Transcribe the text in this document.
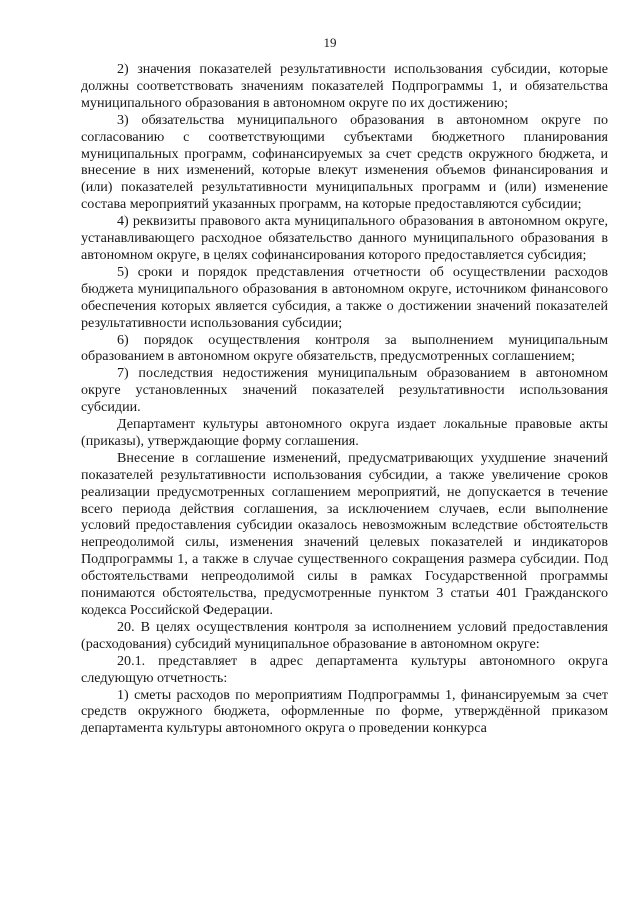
19

2) значения показателей результативности использования субсидии, которые должны соответствовать значениям показателей Подпрограммы 1, и обязательства муниципального образования в автономном округе по их достижению;

3) обязательства муниципального образования в автономном округе по согласованию с соответствующими субъектами бюджетного планирования муниципальных программ, софинансируемых за счет средств окружного бюджета, и внесение в них изменений, которые влекут изменения объемов финансирования и (или) показателей результативности муниципальных программ и (или) изменение состава мероприятий указанных программ, на которые предоставляются субсидии;

4) реквизиты правового акта муниципального образования в автономном округе, устанавливающего расходное обязательство данного муниципального образования в автономном округе, в целях софинансирования которого предоставляется субсидия;

5) сроки и порядок представления отчетности об осуществлении расходов бюджета муниципального образования в автономном округе, источником финансового обеспечения которых является субсидия, а также о достижении значений показателей результативности использования субсидии;

6) порядок осуществления контроля за выполнением муниципальным образованием в автономном округе обязательств, предусмотренных соглашением;

7) последствия недостижения муниципальным образованием в автономном округе установленных значений показателей результативности использования субсидии.

Департамент культуры автономного округа издает локальные правовые акты (приказы), утверждающие форму соглашения.

Внесение в соглашение изменений, предусматривающих ухудшение значений показателей результативности использования субсидии, а также увеличение сроков реализации предусмотренных соглашением мероприятий, не допускается в течение всего периода действия соглашения, за исключением случаев, если выполнение условий предоставления субсидии оказалось невозможным вследствие обстоятельств непреодолимой силы, изменения значений целевых показателей и индикаторов Подпрограммы 1, а также в случае существенного сокращения размера субсидии. Под обстоятельствами непреодолимой силы в рамках Государственной программы понимаются обстоятельства, предусмотренные пунктом 3 статьи 401 Гражданского кодекса Российской Федерации.

20. В целях осуществления контроля за исполнением условий предоставления (расходования) субсидий муниципальное образование в автономном округе:

20.1. представляет в адрес департамента культуры автономного округа следующую отчетность:

1) сметы расходов по мероприятиям Подпрограммы 1, финансируемым за счет средств окружного бюджета, оформленные по форме, утверждённой приказом департамента культуры автономного округа о проведении конкурса
